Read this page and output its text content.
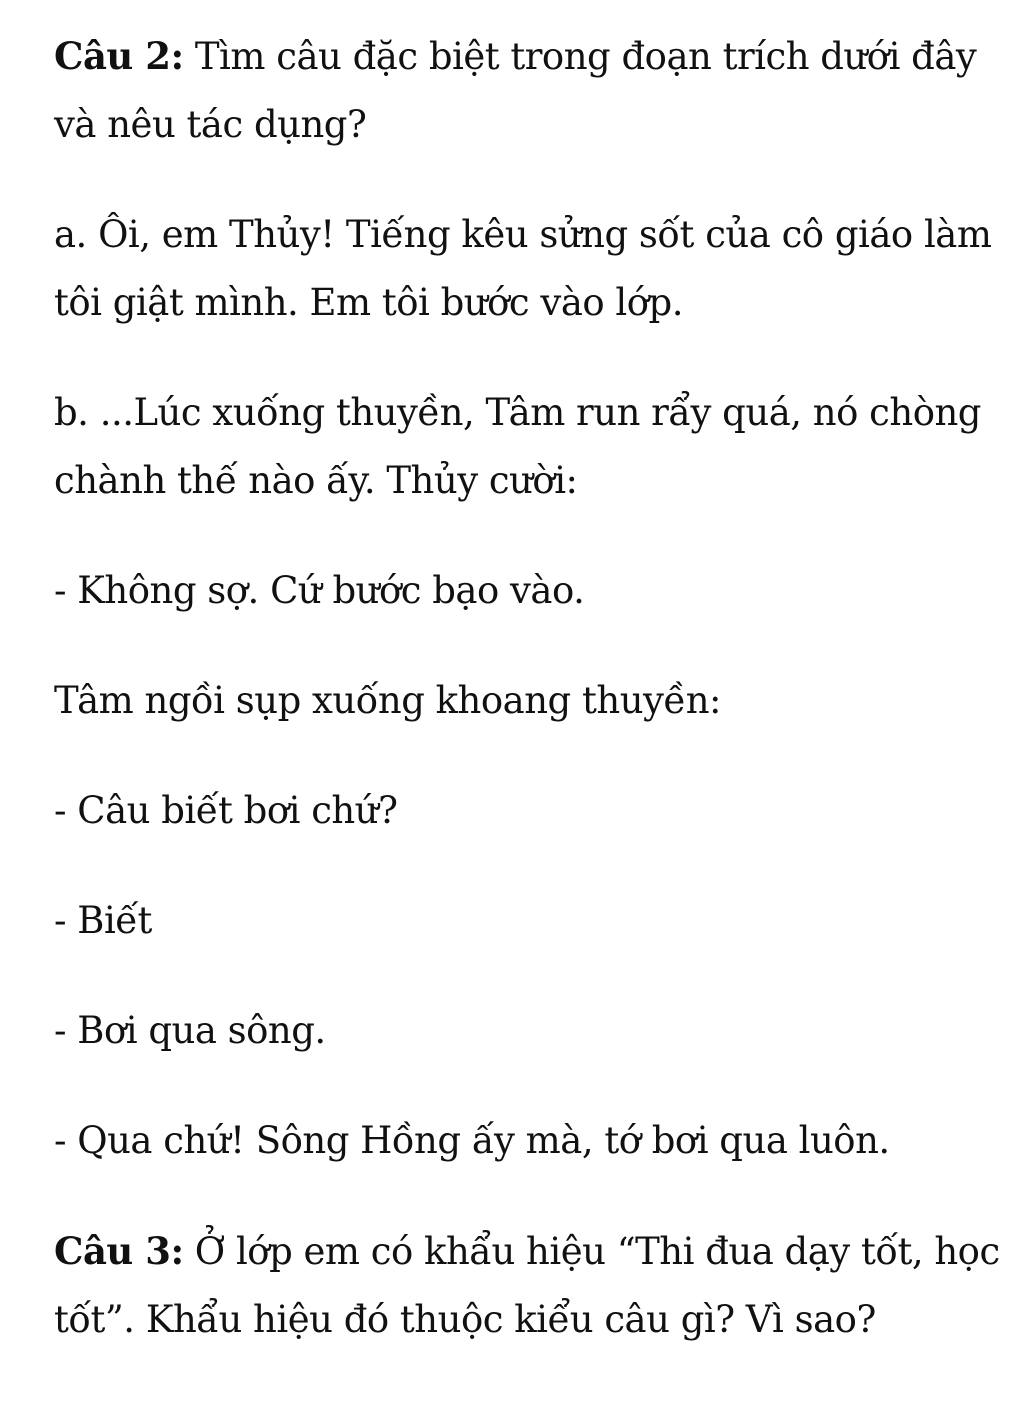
Câu 2: Tìm câu đặc biệt trong đoạn trích dưới đây và nêu tác dụng?

a. Ôi, em Thủy! Tiếng kêu sửng sốt của cô giáo làm tôi giật mình. Em tôi bước vào lớp.

b. ...Lúc xuống thuyền, Tâm run rẩy quá, nó chòng chành thế nào ấy. Thủy cười:

- Không sợ. Cứ bước bạo vào.

Tâm ngồi sụp xuống khoang thuyền:

- Câu biết bơi chứ?

- Biết

- Bơi qua sông.

- Qua chứ! Sông Hồng ấy mà, tớ bơi qua luôn.

Câu 3: Ở lớp em có khẩu hiệu “Thi đua dạy tốt, học tốt”. Khẩu hiệu đó thuộc kiểu câu gì? Vì sao?
